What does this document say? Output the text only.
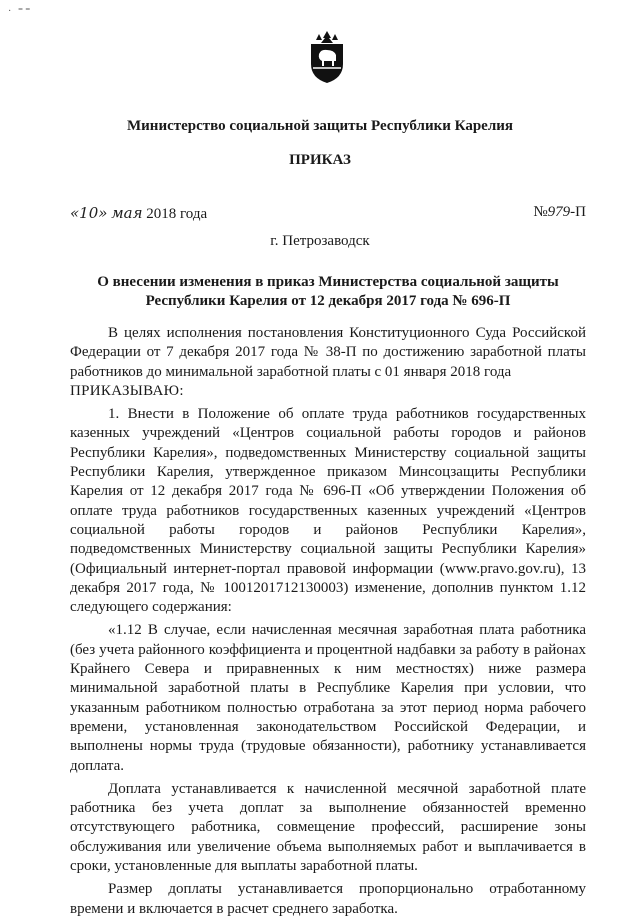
· ⁼⁼
Министерство социальной защиты Республики Карелия
ПРИКАЗ
«10» мая 2018 года	№979-П
г. Петрозаводск
О внесении изменения в приказ Министерства социальной защиты Республики Карелия от 12 декабря 2017 года № 696-П

В целях исполнения постановления Конституционного Суда Российской Федерации от 7 декабря 2017 года № 38-П по достижению заработной платы работников до минимальной заработной платы с 01 января 2018 года
ПРИКАЗЫВАЮ:

1. Внести в Положение об оплате труда работников государственных казенных учреждений «Центров социальной работы городов и районов Республики Карелия», подведомственных Министерству социальной защиты Республики Карелия, утвержденное приказом Минсоцзащиты Республики Карелия от 12 декабря 2017 года № 696-П «Об утверждении Положения об оплате труда работников государственных казенных учреждений «Центров социальной работы городов и районов Республики Карелия», подведомственных Министерству социальной защиты Республики Карелия» (Официальный интернет-портал правовой информации (www.pravo.gov.ru), 13 декабря 2017 года, № 1001201712130003) изменение, дополнив пунктом 1.12 следующего содержания:

«1.12 В случае, если начисленная месячная заработная плата работника (без учета районного коэффициента и процентной надбавки за работу в районах Крайнего Севера и приравненных к ним местностях) ниже размера минимальной заработной платы в Республике Карелия при условии, что указанным работником полностью отработана за этот период норма рабочего времени, установленная законодательством Российской Федерации, и выполнены нормы труда (трудовые обязанности), работнику устанавливается доплата.

Доплата устанавливается к начисленной месячной заработной плате работника без учета доплат за выполнение обязанностей временно отсутствующего работника, совмещение профессий, расширение зоны обслуживания или увеличение объема выполняемых работ и выплачивается в сроки, установленные для выплаты заработной платы.

Размер доплаты устанавливается пропорционально отработанному времени и включается в расчет среднего заработка.
